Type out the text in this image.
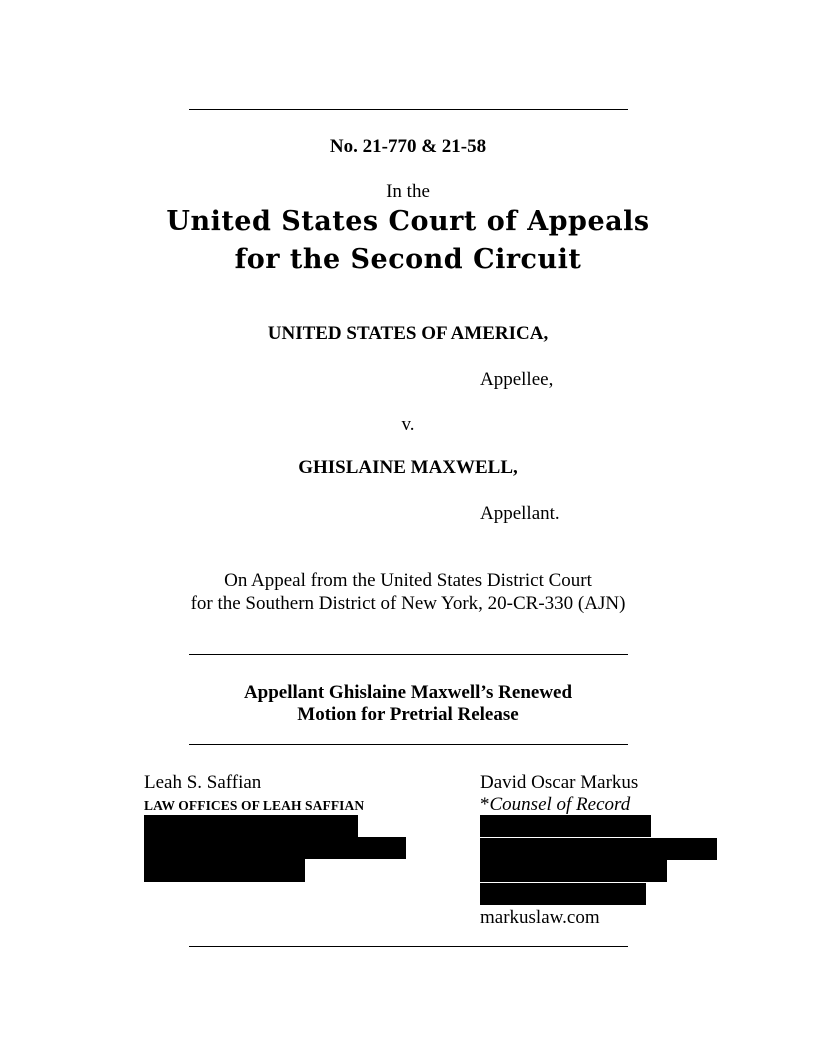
No. 21-770 & 21-58
In the
United States Court of Appeals
for the Second Circuit
UNITED STATES OF AMERICA,
Appellee,
v.
GHISLAINE MAXWELL,
Appellant.
On Appeal from the United States District Court
for the Southern District of New York, 20-CR-330 (AJN)
Appellant Ghislaine Maxwell’s Renewed
Motion for Pretrial Release
Leah S. Saffian
LAW OFFICES OF LEAH SAFFIAN
David Oscar Markus
*Counsel of Record
markuslaw.com
